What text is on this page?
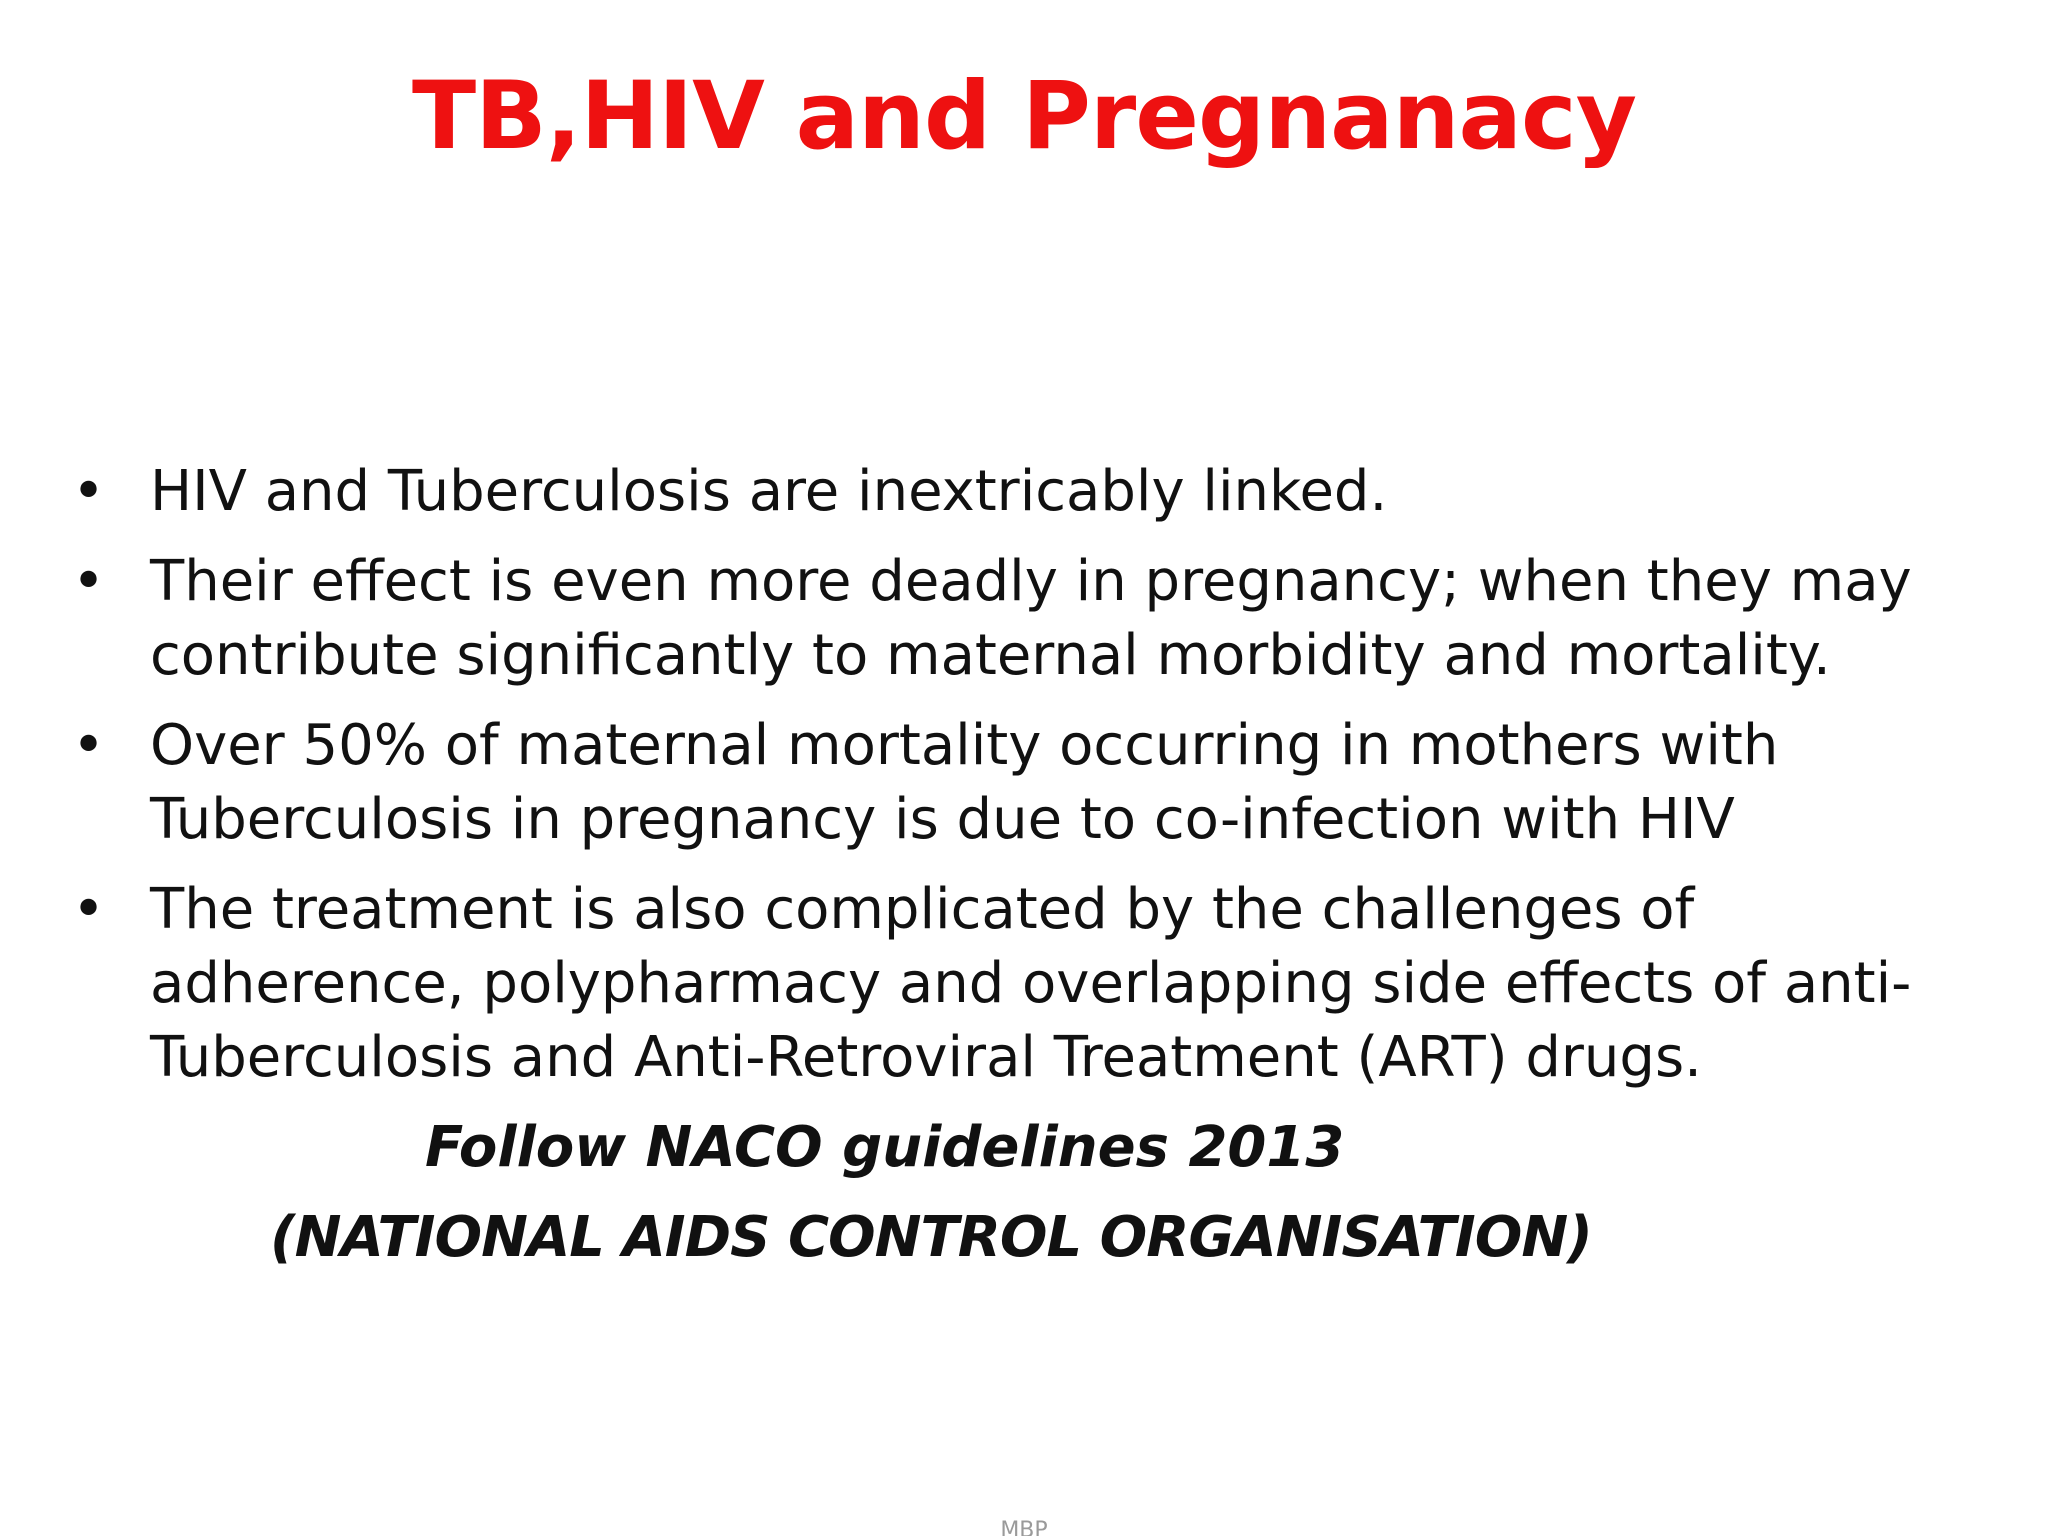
TB,HIV and Pregnanacy
• HIV and Tuberculosis are inextricably linked.
• Their effect is even more deadly in pregnancy; when they may contribute significantly to maternal morbidity and mortality.
• Over 50% of maternal mortality occurring in mothers with Tuberculosis in pregnancy is due to co-infection with HIV
• The treatment is also complicated by the challenges of adherence, polypharmacy and overlapping side effects of anti-Tuberculosis and Anti-Retroviral Treatment (ART) drugs.

Follow NACO guidelines 2013

(NATIONAL AIDS CONTROL ORGANISATION)

MBP
